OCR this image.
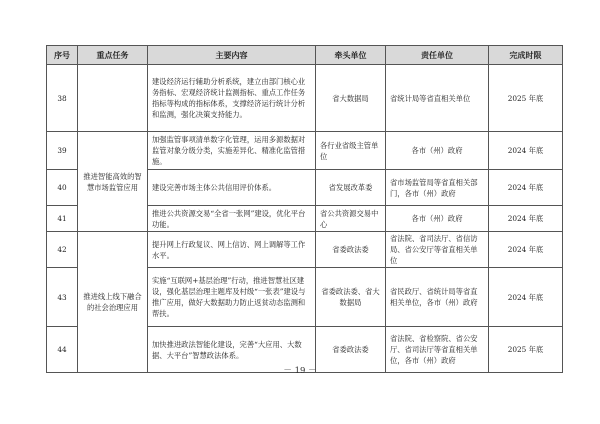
序号	重点任务	主要内容	牵头单位	责任单位	完成时限
38		建设经济运行辅助分析系统，建立由部门核心业务指标、宏观经济统计监测指标、重点工作任务指标等构成的指标体系，支撑经济运行统计分析和监测，强化决策支持能力。	省大数据局	省统计局等省直相关单位	2025 年底
39	推进智能高效的智慧市场监管应用	加强监管事项清单数字化管理，运用多源数据对监管对象分级分类，实施差异化、精准化监管措施。	各行业省级主管单位	各市（州）政府	2024 年底
40		建设完善市场主体公共信用评价体系。	省发展改革委	省市场监管局等省直相关部门，各市（州）政府	2024 年底
41		推进公共资源交易“全省一张网”建设，优化平台功能。	省公共资源交易中心	各市（州）政府	2024 年底
42	推进线上线下融合的社会治理应用	提升网上行政复议、网上信访、网上调解等工作水平。	省委政法委	省法院、省司法厅、省信访局、省公安厅等省直相关单位	2024 年底
43		实施“互联网+基层治理”行动，推进智慧社区建设，强化基层治理主题库及村级“一张表”建设与推广应用，做好大数据助力防止返贫动态监测和帮扶。	省委政法委、省大数据局	省民政厅、省统计局等省直相关单位，各市（州）政府	2024 年底
44		加快推进政法智能化建设，完善“大应用、大数据、大平台”智慧政法体系。	省委政法委	省法院、省检察院、省公安厅、省司法厅等省直相关单位，各市（州）政府	2025 年底
－ 19 －
